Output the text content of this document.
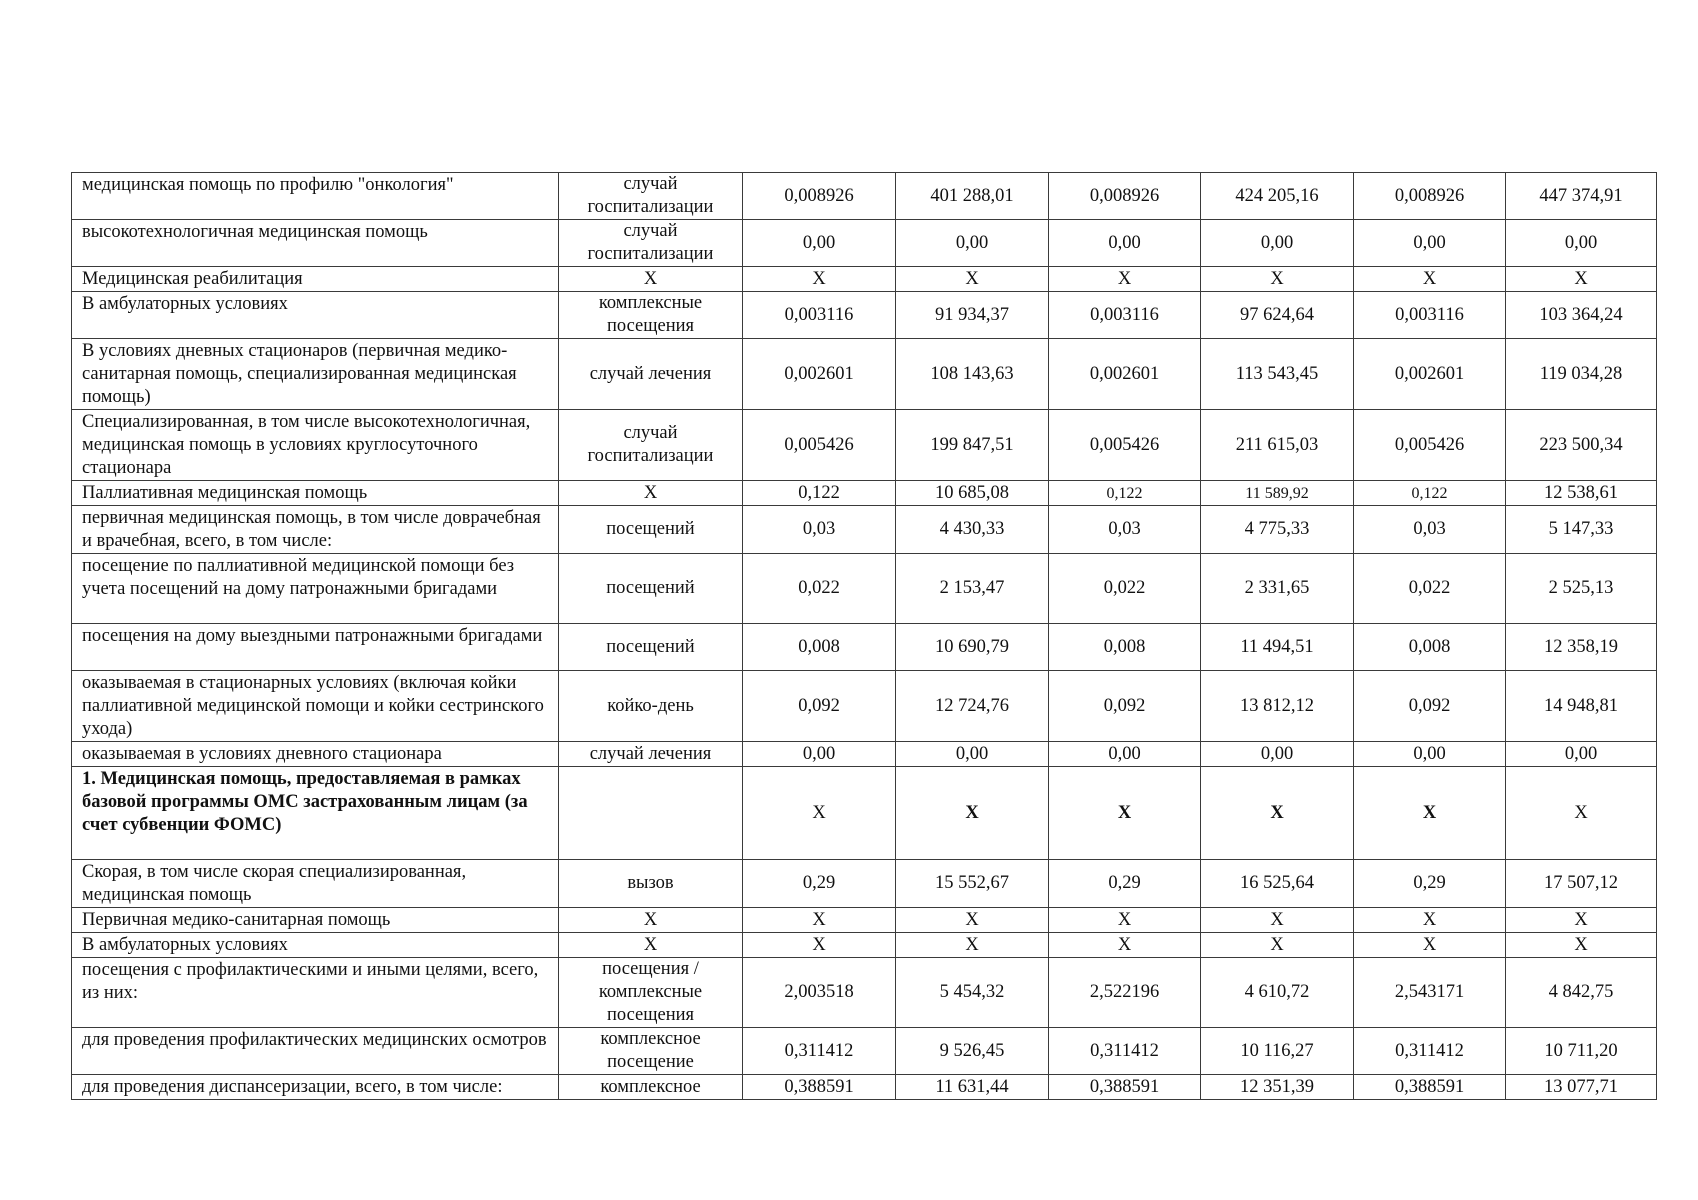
медицинская помощь по профилю "онкология"	случай госпитализации	0,008926	401 288,01	0,008926	424 205,16	0,008926	447 374,91
высокотехнологичная медицинская помощь	случай госпитализации	0,00	0,00	0,00	0,00	0,00	0,00
Медицинская реабилитация	X	X	X	X	X	X	X
В амбулаторных условиях	комплексные посещения	0,003116	91 934,37	0,003116	97 624,64	0,003116	103 364,24
В условиях дневных стационаров (первичная медико-санитарная помощь, специализированная медицинская помощь)	случай лечения	0,002601	108 143,63	0,002601	113 543,45	0,002601	119 034,28
Специализированная, в том числе высокотехнологичная, медицинская помощь в условиях круглосуточного стационара	случай госпитализации	0,005426	199 847,51	0,005426	211 615,03	0,005426	223 500,34
Паллиативная медицинская помощь	X	0,122	10 685,08	0,122	11 589,92	0,122	12 538,61
первичная медицинская помощь, в том числе доврачебная и врачебная, всего, в том числе:	посещений	0,03	4 430,33	0,03	4 775,33	0,03	5 147,33
посещение по паллиативной медицинской помощи без учета посещений на дому патронажными бригадами	посещений	0,022	2 153,47	0,022	2 331,65	0,022	2 525,13
посещения на дому выездными патронажными бригадами	посещений	0,008	10 690,79	0,008	11 494,51	0,008	12 358,19
оказываемая в стационарных условиях (включая койки паллиативной медицинской помощи и койки сестринского ухода)	койко-день	0,092	12 724,76	0,092	13 812,12	0,092	14 948,81
оказываемая в условиях дневного стационара	случай лечения	0,00	0,00	0,00	0,00	0,00	0,00
1. Медицинская помощь, предоставляемая в рамках базовой программы ОМС застрахованным лицам (за счет субвенции ФОМС)		X	X	X	X	X	X
Скорая, в том числе скорая специализированная, медицинская помощь	вызов	0,29	15 552,67	0,29	16 525,64	0,29	17 507,12
Первичная медико-санитарная помощь	X	X	X	X	X	X	X
В амбулаторных условиях	X	X	X	X	X	X	X
посещения с профилактическими и иными целями, всего, из них:	посещения / комплексные посещения	2,003518	5 454,32	2,522196	4 610,72	2,543171	4 842,75
для проведения профилактических медицинских осмотров	комплексное посещение	0,311412	9 526,45	0,311412	10 116,27	0,311412	10 711,20
для проведения диспансеризации, всего, в том числе:	комплексное	0,388591	11 631,44	0,388591	12 351,39	0,388591	13 077,71
